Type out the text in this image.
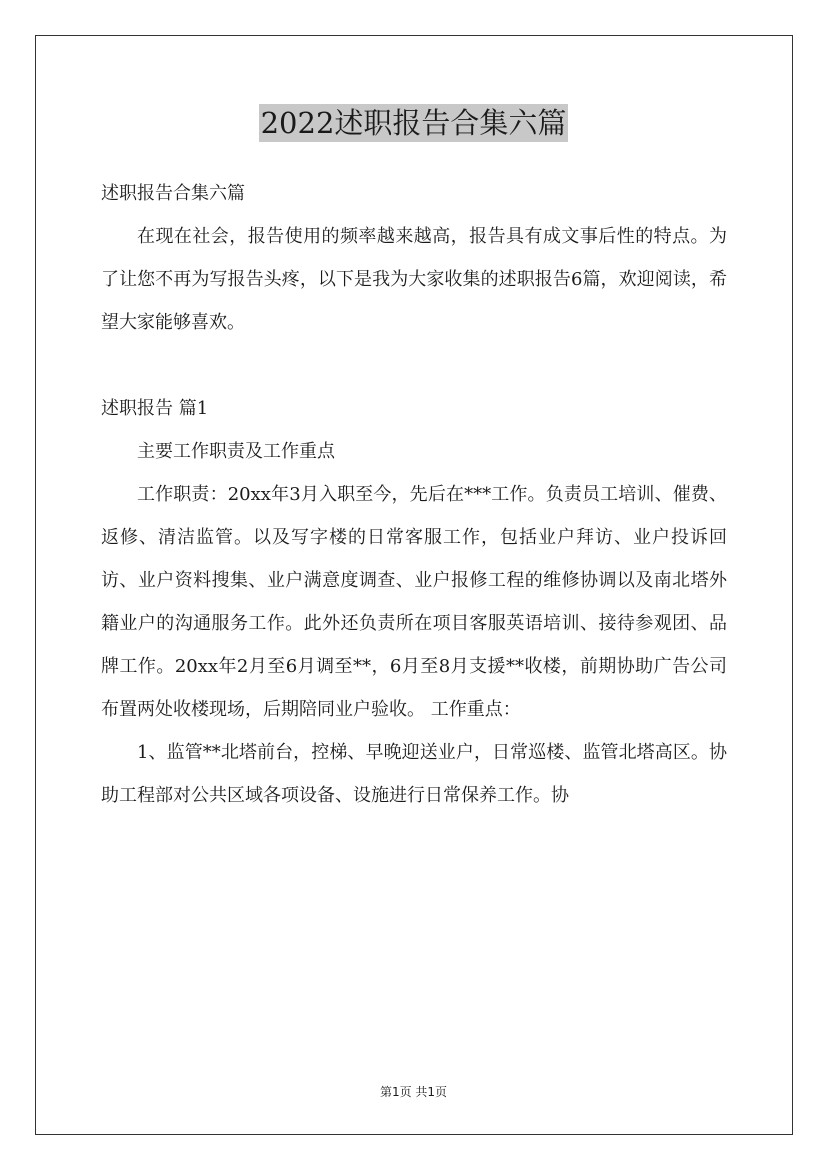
2022述职报告合集六篇

述职报告合集六篇

在现在社会，报告使用的频率越来越高，报告具有成文事后性的特点。为了让您不再为写报告头疼，以下是我为大家收集的述职报告6篇，欢迎阅读，希望大家能够喜欢。

述职报告 篇1

主要工作职责及工作重点

工作职责：20xx年3月入职至今，先后在***工作。负责员工培训、催费、返修、清洁监管。以及写字楼的日常客服工作，包括业户拜访、业户投诉回访、业户资料搜集、业户满意度调查、业户报修工程的维修协调以及南北塔外籍业户的沟通服务工作。此外还负责所在项目客服英语培训、接待参观团、品牌工作。20xx年2月至6月调至**，6月至8月支援**收楼，前期协助广告公司布置两处收楼现场，后期陪同业户验收。 工作重点：

1、监管**北塔前台，控梯、早晚迎送业户，日常巡楼、监管北塔高区。协助工程部对公共区域各项设备、设施进行日常保养工作。协

第1页 共1页
